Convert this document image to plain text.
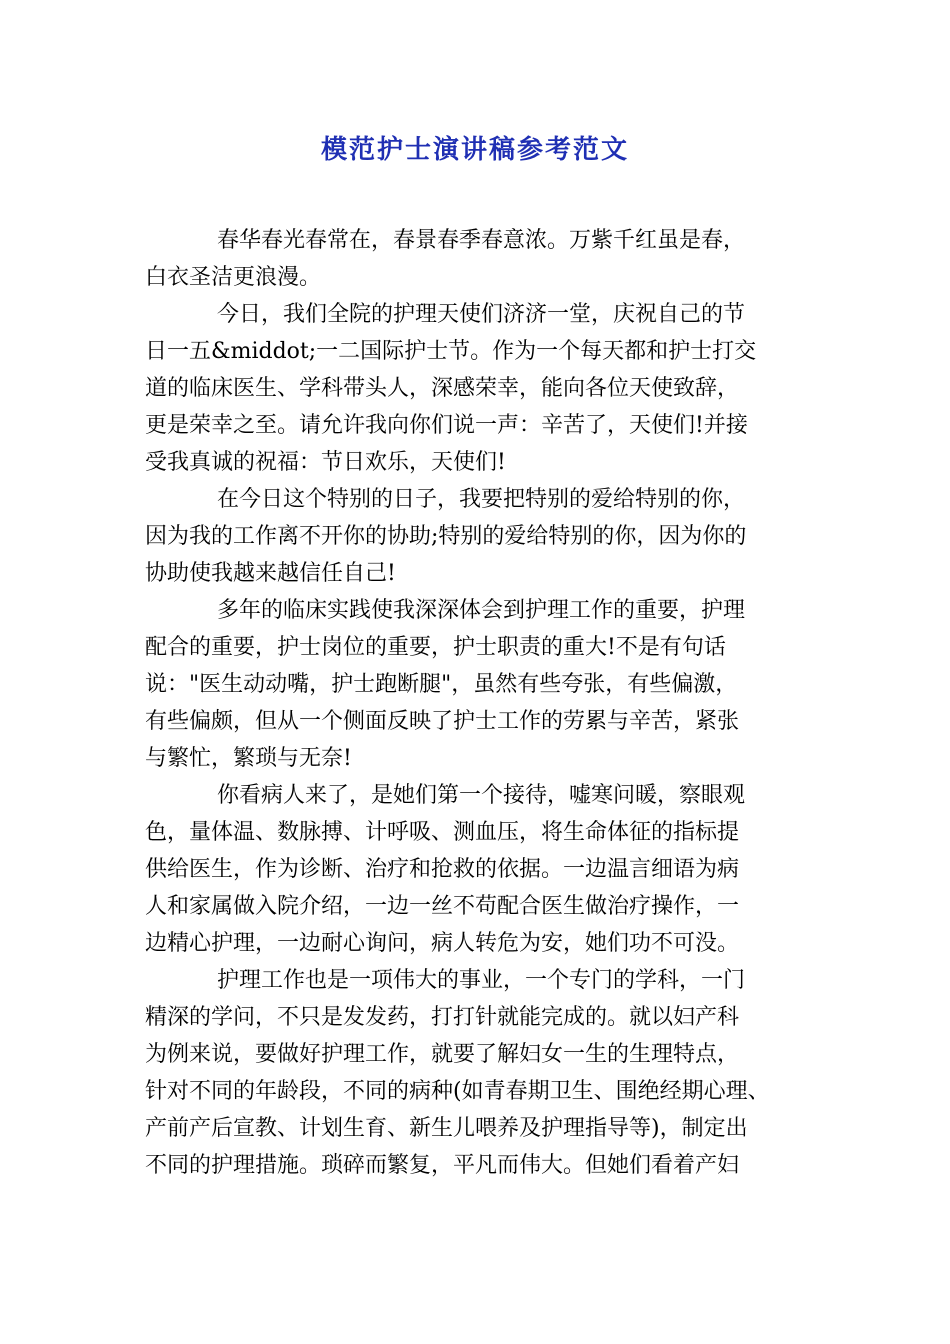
模范护士演讲稿参考范文
春华春光春常在，春景春季春意浓。万紫千红虽是春，
白衣圣洁更浪漫。
今日，我们全院的护理天使们济济一堂，庆祝自己的节
日一五&middot;一二国际护士节。作为一个每天都和护士打交
道的临床医生、学科带头人，深感荣幸，能向各位天使致辞，
更是荣幸之至。请允许我向你们说一声：辛苦了，天使们!并接
受我真诚的祝福：节日欢乐，天使们!
在今日这个特别的日子，我要把特别的爱给特别的你，
因为我的工作离不开你的协助;特别的爱给特别的你，因为你的
协助使我越来越信任自己!
多年的临床实践使我深深体会到护理工作的重要，护理
配合的重要，护士岗位的重要，护士职责的重大!不是有句话
说："医生动动嘴，护士跑断腿"，虽然有些夸张，有些偏激，
有些偏颇，但从一个侧面反映了护士工作的劳累与辛苦，紧张
与繁忙，繁琐与无奈!
你看病人来了，是她们第一个接待，嘘寒问暖，察眼观
色，量体温、数脉搏、计呼吸、测血压，将生命体征的指标提
供给医生，作为诊断、治疗和抢救的依据。一边温言细语为病
人和家属做入院介绍，一边一丝不苟配合医生做治疗操作，一
边精心护理，一边耐心询问，病人转危为安，她们功不可没。
护理工作也是一项伟大的事业，一个专门的学科，一门
精深的学问，不只是发发药，打打针就能完成的。就以妇产科
为例来说，要做好护理工作，就要了解妇女一生的生理特点，
针对不同的年龄段，不同的病种(如青春期卫生、围绝经期心理、
产前产后宣教、计划生育、新生儿喂养及护理指导等)，制定出
不同的护理措施。琐碎而繁复，平凡而伟大。但她们看着产妇
